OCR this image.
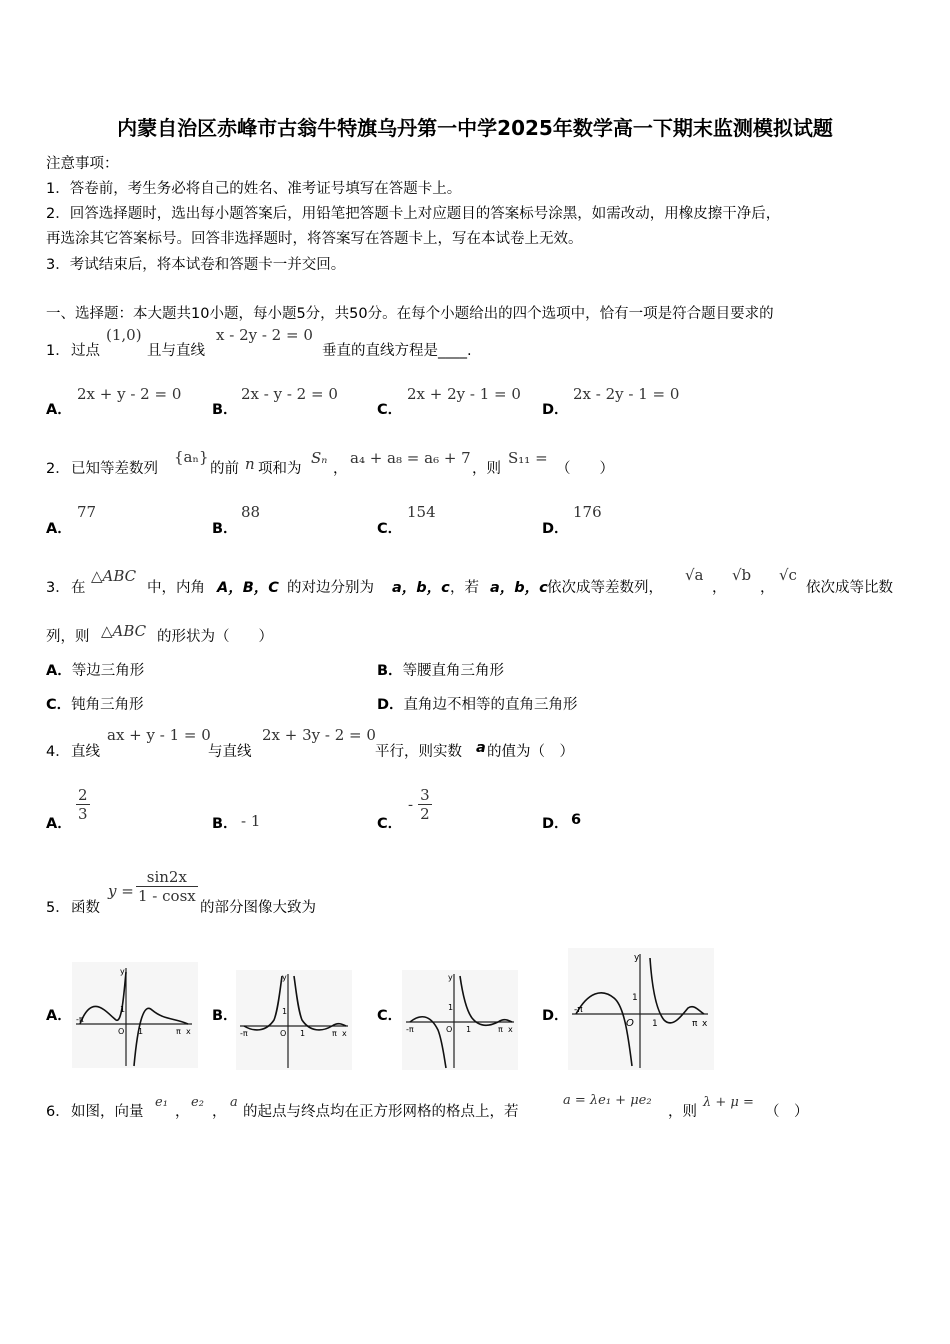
内蒙自治区赤峰市古翁牛特旗乌丹第一中学2025年数学高一下期末监测模拟试题
注意事项：
1．答卷前，考生务必将自己的姓名、准考证号填写在答题卡上。
2．回答选择题时，选出每小题答案后，用铅笔把答题卡上对应题目的答案标号涂黑，如需改动，用橡皮擦干净后，
再选涂其它答案标号。回答非选择题时，将答案写在答题卡上，写在本试卷上无效。
3．考试结束后，将本试卷和答题卡一并交回。
一、选择题：本大题共10小题，每小题5分，共50分。在每个小题给出的四个选项中，恰有一项是符合题目要求的
1． 过点
(1,0)
且与直线
x - 2y - 2 = 0
垂直的直线方程是____.
A．
2x + y - 2 = 0
B．
2x - y - 2 = 0
C．
2x + 2y - 1 = 0
D．
2x - 2y - 1 = 0
2． 已知等差数列
{aₙ}
的前 n 项和为
Sₙ
，
a₄ + a₈ = a₆ + 7
，则
S₁₁ =
（　　）
A．
77
B．
88
C．
154
D．
176
3． 在
△ABC
中，内角 A，B，C 的对边分别为 a，b，c ，若 a，b，c 依次成等差数列，
√a
，
√b
，
√c
依次成等比数
列，则 △ABC 的形状为（　　）
A．等边三角形	B．等腰直角三角形
C．钝角三角形	D．直角边不相等的直角三角形
4． 直线
ax + y - 1 = 0
与直线
2x + 3y - 2 = 0
平行，则实数 a 的值为（　）
A．
$\frac{2}{3}$
B． - 1	C．
- $\frac{3}{2}$
D． 6
5． 函数
$y = \frac{\sin 2x}{1 - \cos x}$
的部分图像大致为
A．
y
1
O 1	π x
-π	B．
y
1
O 1	π x
-π
C．
y
1
O 1	π x
-π
D．
y
1
O 1	π x
-π
6． 如图，向量
e₁
，
e₂
，
a
的起点与终点均在正方形网格的格点上，若
a = λe₁ + μe₂
，则
λ + μ =
（　）
